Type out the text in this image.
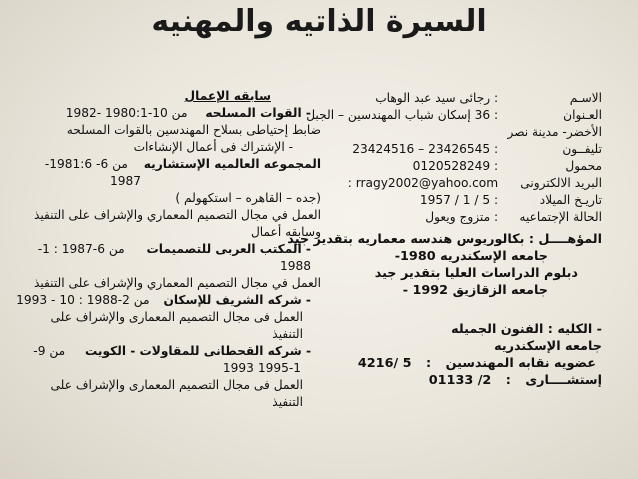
السيرة الذاتيه والمهنيه
الاسـم : رجائى سيد عبد الوهاب
العـنوان : 36 إسكان شباب المهندسين – الجبل
الأخضر- مدينة نصر
تليفــون : 23426545 – 23424516
محمول : 0120528249
البريد الالكترونى rragy2002@yahoo.com :
تاريـخ الميلاد : 5 / 1 / 1957
الحالة الإجتماعيه : متزوج ويعول
المؤهــــل : بكالوريوس هندسه معماريه بتقدير جيد
جامعه الإسكندريه 1980-
دبلوم الدراسات العليا بتقدير جيد
جامعه الزقازيق 1992 -
- الكليه : الفنون الجميله
جامعه الإسكندريه
عضويه نقابه المهندسين : 5 /4216
إستشــــارى : 2/ 01133
سابقه الإعمال
- القوات المسلحه من 10-1980:1 -1982
ضابط إحتياطى بسلاح المهندسين بالقوات المسلحه
- الإشتراك فى أعمال الإنشاءات
المجموعه العالميه الإستشاريه من 6- 1981:6-
1987
(جده – القاهره – استكهولم )
العمل في مجال التصميم المعماري والإشراف على التنفيذ
وسابقه أعمال
- المكتب العربى للتصميمات من 6-1987 : 1-
1988
العمل في مجال التصميم المعماري والإشراف على التنفيذ
- شركه الشريف للإسكان من 2-1988 : 10 - 1993
العمل فى مجال التصميم المعمارى والإشراف على التنفيذ
- شركه القحطانى للمقاولات - الكويت من 9-
1995-1 1993
العمل فى مجال التصميم المعمارى والإشراف على التنفيذ
